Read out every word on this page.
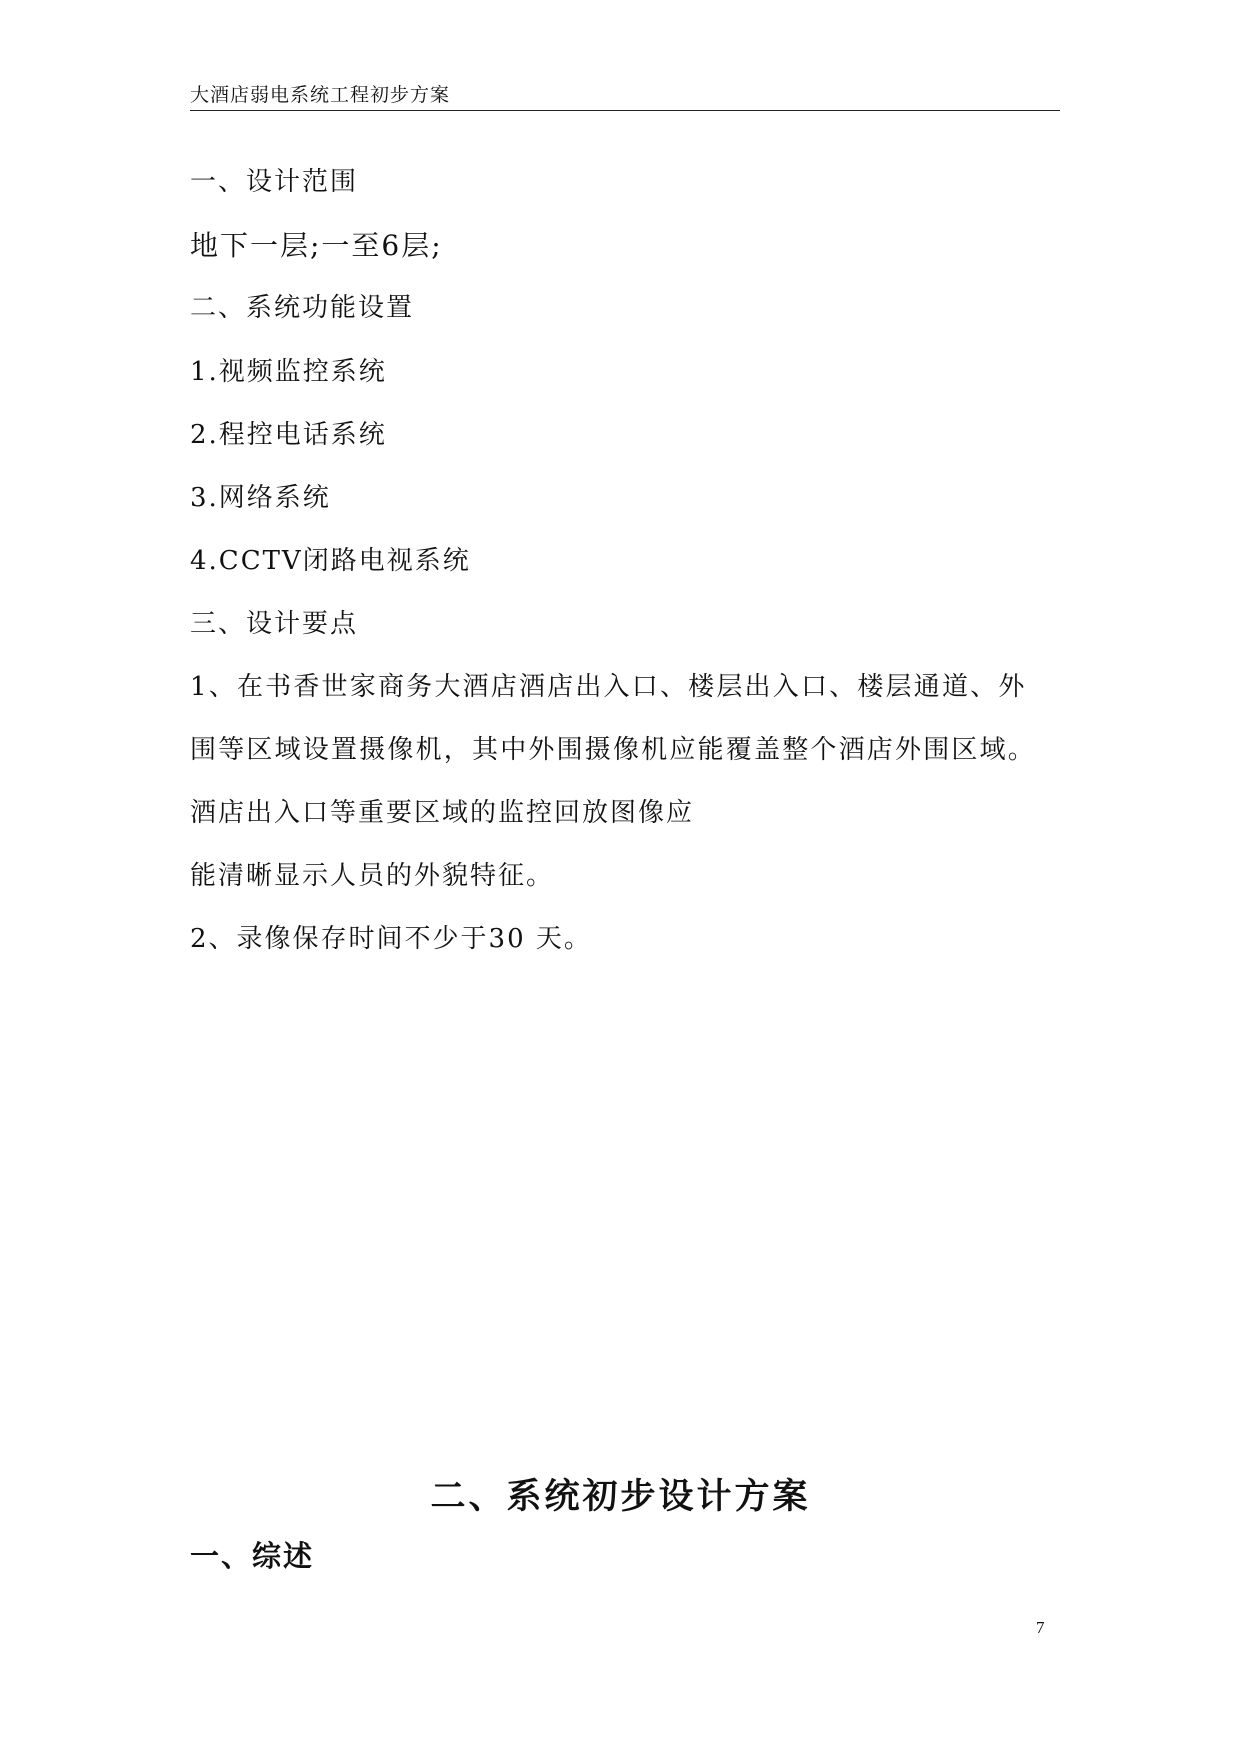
大酒店弱电系统工程初步方案
一、设计范围
地下一层;一至6层;
二、系统功能设置
1.视频监控系统
2.程控电话系统
3.网络系统
4.CCTV闭路电视系统
三、设计要点
1、在书香世家商务大酒店酒店出入口、楼层出入口、楼层通道、外
围等区域设置摄像机，其中外围摄像机应能覆盖整个酒店外围区域。
酒店出入口等重要区域的监控回放图像应
能清晰显示人员的外貌特征。
2、录像保存时间不少于30 天。
二、系统初步设计方案
一、综述
7
